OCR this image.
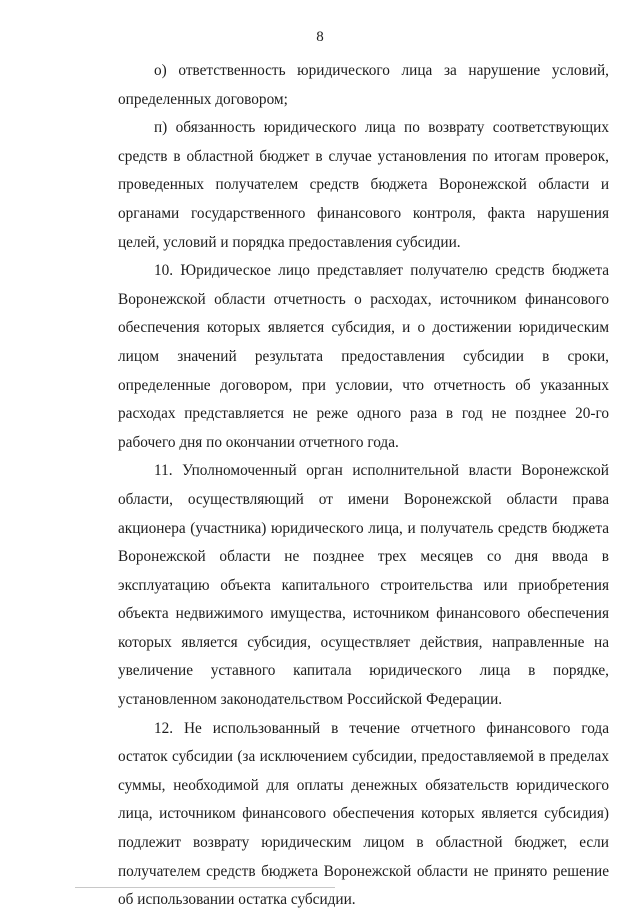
8

о) ответственность юридического лица за нарушение условий, определенных договором;

п) обязанность юридического лица по возврату соответствующих средств в областной бюджет в случае установления по итогам проверок, проведенных получателем средств бюджета Воронежской области и органами государственного финансового контроля, факта нарушения целей, условий и порядка предоставления субсидии.

10. Юридическое лицо представляет получателю средств бюджета Воронежской области отчетность о расходах, источником финансового обеспечения которых является субсидия, и о достижении юридическим лицом значений результата предоставления субсидии в сроки, определенные договором, при условии, что отчетность об указанных расходах представляется не реже одного раза в год не позднее 20-го рабочего дня по окончании отчетного года.

11. Уполномоченный орган исполнительной власти Воронежской области, осуществляющий от имени Воронежской области права акционера (участника) юридического лица, и получатель средств бюджета Воронежской области не позднее трех месяцев со дня ввода в эксплуатацию объекта капитального строительства или приобретения объекта недвижимого имущества, источником финансового обеспечения которых является субсидия, осуществляет действия, направленные на увеличение уставного капитала юридического лица в порядке, установленном законодательством Российской Федерации.

12. Не использованный в течение отчетного финансового года остаток субсидии (за исключением субсидии, предоставляемой в пределах суммы, необходимой для оплаты денежных обязательств юридического лица, источником финансового обеспечения которых является субсидия) подлежит возврату юридическим лицом в областной бюджет, если получателем средств бюджета Воронежской области не принято решение об использовании остатка субсидии.
